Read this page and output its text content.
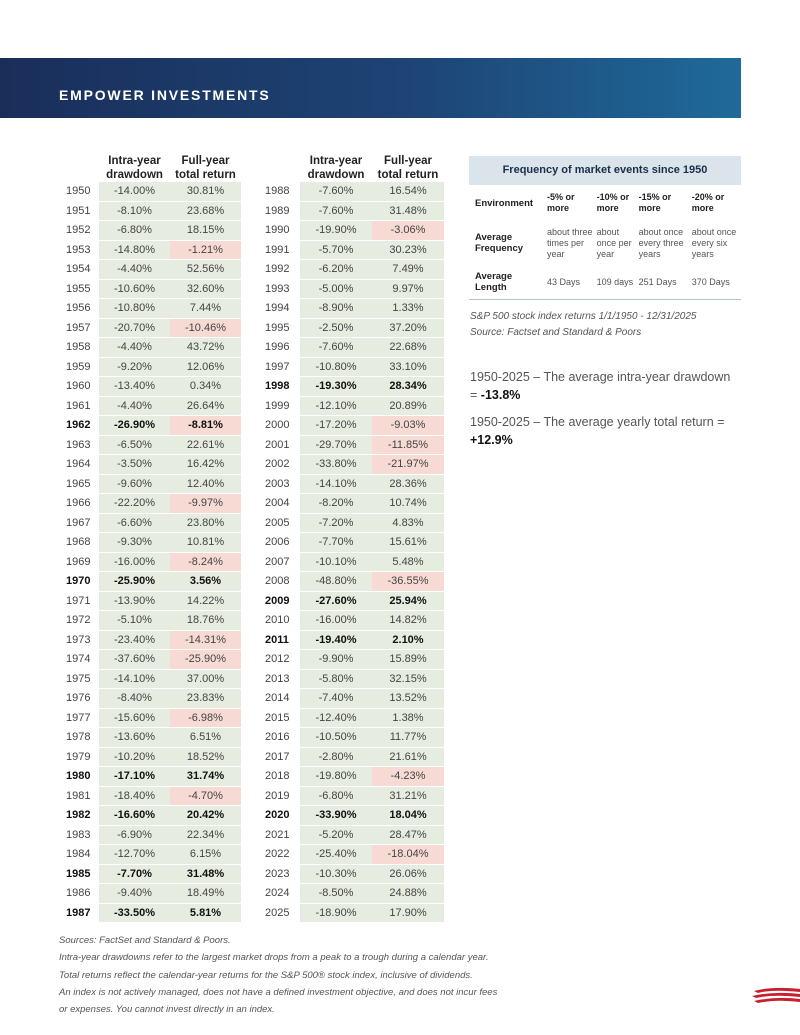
EMPOWER INVESTMENTS
	Intra-year drawdown	Full-year total return
1950	-14.00%	30.81%
1951	-8.10%	23.68%
1952	-6.80%	18.15%
1953	-14.80%	-1.21%
1954	-4.40%	52.56%
1955	-10.60%	32.60%
1956	-10.80%	7.44%
1957	-20.70%	-10.46%
1958	-4.40%	43.72%
1959	-9.20%	12.06%
1960	-13.40%	0.34%
1961	-4.40%	26.64%
1962	-26.90%	-8.81%
1963	-6.50%	22.61%
1964	-3.50%	16.42%
1965	-9.60%	12.40%
1966	-22.20%	-9.97%
1967	-6.60%	23.80%
1968	-9.30%	10.81%
1969	-16.00%	-8.24%
1970	-25.90%	3.56%
1971	-13.90%	14.22%
1972	-5.10%	18.76%
1973	-23.40%	-14.31%
1974	-37.60%	-25.90%
1975	-14.10%	37.00%
1976	-8.40%	23.83%
1977	-15.60%	-6.98%
1978	-13.60%	6.51%
1979	-10.20%	18.52%
1980	-17.10%	31.74%
1981	-18.40%	-4.70%
1982	-16.60%	20.42%
1983	-6.90%	22.34%
1984	-12.70%	6.15%
1985	-7.70%	31.48%
1986	-9.40%	18.49%
1987	-33.50%	5.81%
	Intra-year drawdown	Full-year total return
1988	-7.60%	16.54%
1989	-7.60%	31.48%
1990	-19.90%	-3.06%
1991	-5.70%	30.23%
1992	-6.20%	7.49%
1993	-5.00%	9.97%
1994	-8.90%	1.33%
1995	-2.50%	37.20%
1996	-7.60%	22.68%
1997	-10.80%	33.10%
1998	-19.30%	28.34%
1999	-12.10%	20.89%
2000	-17.20%	-9.03%
2001	-29.70%	-11.85%
2002	-33.80%	-21.97%
2003	-14.10%	28.36%
2004	-8.20%	10.74%
2005	-7.20%	4.83%
2006	-7.70%	15.61%
2007	-10.10%	5.48%
2008	-48.80%	-36.55%
2009	-27.60%	25.94%
2010	-16.00%	14.82%
2011	-19.40%	2.10%
2012	-9.90%	15.89%
2013	-5.80%	32.15%
2014	-7.40%	13.52%
2015	-12.40%	1.38%
2016	-10.50%	11.77%
2017	-2.80%	21.61%
2018	-19.80%	-4.23%
2019	-6.80%	31.21%
2020	-33.90%	18.04%
2021	-5.20%	28.47%
2022	-25.40%	-18.04%
2023	-10.30%	26.06%
2024	-8.50%	24.88%
2025	-18.90%	17.90%
Frequency of market events since 1950				
Environment	-5% or more	-10% or more	-15% or more	-20% or more
Average Frequency	about three times per year	about once per year	about once every three years	about once every six years
Average Length	43 Days	109 days	251 Days	370 Days
S&P 500 stock index returns 1/1/1950 - 12/31/2025
Source: Factset and Standard & Poors
1950-2025 – The average intra-year drawdown = -13.8%
1950-2025 – The average yearly total return = +12.9%
Sources: FactSet and Standard & Poors.
Intra-year drawdowns refer to the largest market drops from a peak to a trough during a calendar year.
Total returns reflect the calendar-year returns for the S&P 500® stock index, inclusive of dividends.
An index is not actively managed, does not have a defined investment objective, and does not incur fees
or expenses. You cannot invest directly in an index.
